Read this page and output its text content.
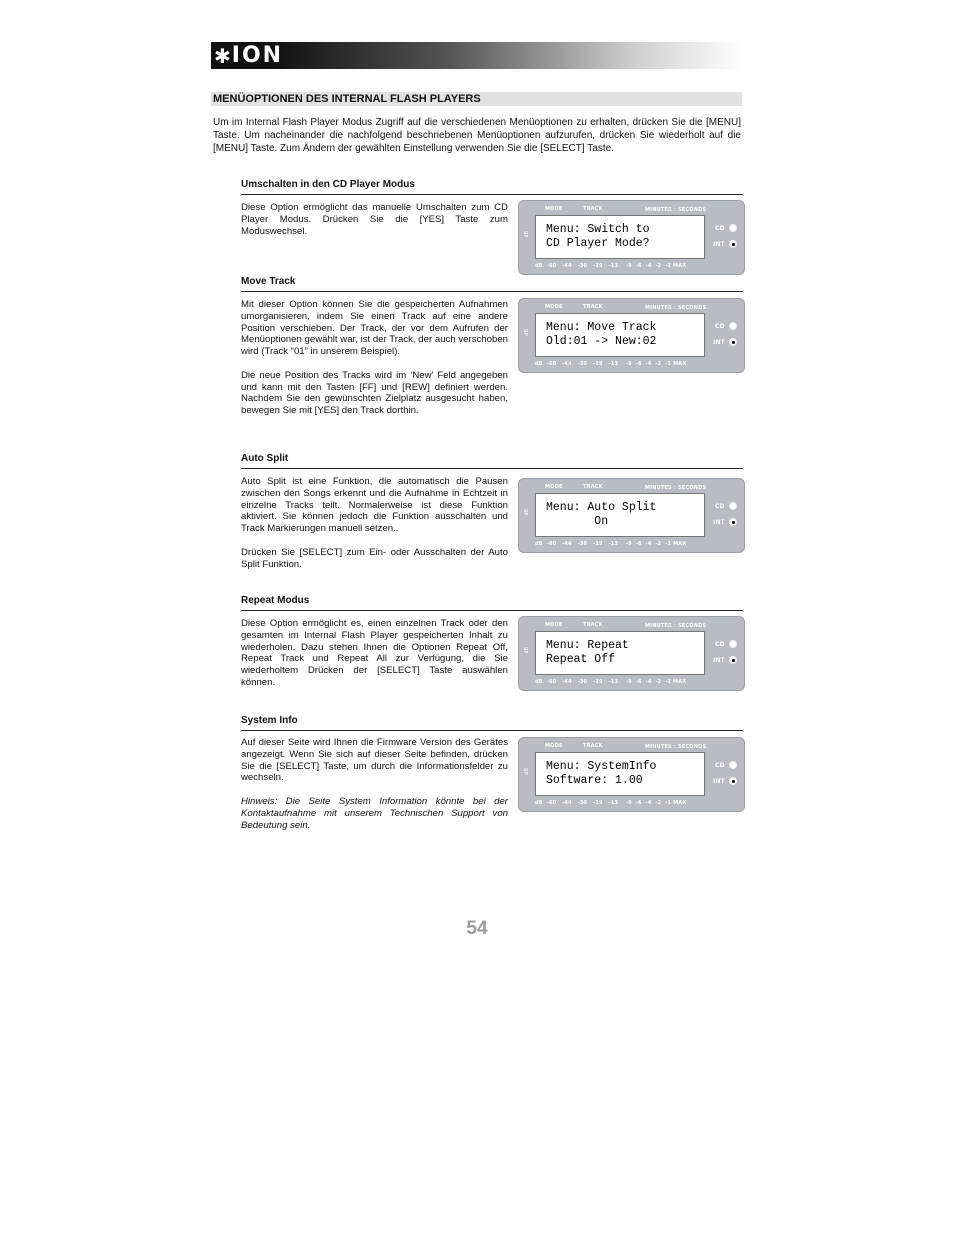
✱ ION
MENÜOPTIONEN DES INTERNAL FLASH PLAYERS
Um im Internal Flash Player Modus Zugriff auf die verschiedenen Menüoptionen zu erhalten, drücken Sie die [MENU] Taste. Um nacheinander die nachfolgend beschriebenen Menüoptionen aufzurufen, drücken Sie wiederholt auf die [MENU] Taste. Zum Ändern der gewählten Einstellung verwenden Sie die [SELECT] Taste.
Umschalten in den CD Player Modus

Diese Option ermöglicht das manuelle Umschalten zum CD Player Modus. Drücken Sie die [YES] Taste zum Moduswechsel.

MODE	TRACK	MINUTES : SECONDS
dB Menu: Switch to
CD Player Mode?
CD
INT
dB  -60   -44   -30   -19   -13    -9  -6  -4  -2  -1 MAX
Move Track

Mit dieser Option können Sie die gespeicherten Aufnahmen umorganisieren, indem Sie einen Track auf eine andere Position verschieben. Der Track, der vor dem Aufrufen der Menüoptionen gewählt war, ist der Track, der auch verschoben wird (Track “01” in unserem Beispiel).

Die neue Position des Tracks wird im ‘New’ Feld angegeben und kann mit den Tasten [FF] und [REW] definiert werden. Nachdem Sie den gewünschten Zielplatz ausgesucht haben, bewegen Sie mit [YES] den Track dorthin.

MODE	TRACK	MINUTES : SECONDS
dB Menu: Move Track
Old:01 -> New:02
CD
INT
dB  -60   -44   -30   -19   -13    -9  -6  -4  -2  -1 MAX
Auto Split

Auto Split ist eine Funktion, die automatisch die Pausen zwischen den Songs erkennt und die Aufnahme in Echtzeit in einzelne Tracks teilt. Normalerweise ist diese Funktion aktiviert. Sie können jedoch die Funktion ausschalten und Track Markierungen manuell setzen..

Drücken Sie [SELECT] zum Ein- oder Ausschalten der Auto Split Funktion.

MODE	TRACK	MINUTES : SECONDS
dB Menu: Auto Split
On
CD
INT
dB  -60   -44   -30   -19   -13    -9  -6  -4  -2  -1 MAX
Repeat Modus

Diese Option ermöglicht es, einen einzelnen Track oder den gesamten im Internal Flash Player gespeicherten Inhalt zu wiederholen. Dazu stehen Ihnen die Optionen Repeat Off, Repeat Track und Repeat All zur Verfügung, die Sie wiederholtem Drücken der [SELECT] Taste auswählen können.

MODE	TRACK	MINUTES : SECONDS
dB Menu: Repeat
Repeat Off
CD
INT
dB  -60   -44   -30   -19   -13    -9  -6  -4  -2  -1 MAX
System Info

Auf dieser Seite wird Ihnen die Firmware Version des Gerätes angezeigt. Wenn Sie sich auf dieser Seite befinden, drücken Sie die [SELECT] Taste, um durch die Informationsfelder zu wechseln.

Hinweis: Die Seite System Information könnte bei der Kontaktaufnahme mit unserem Technischen Support von Bedeutung sein.

MODE	TRACK	MINUTES : SECONDS
dB Menu: SystemInfo
Software: 1.00
CD
INT
dB  -60   -44   -30   -19   -13    -9  -6  -4  -2  -1 MAX
54
